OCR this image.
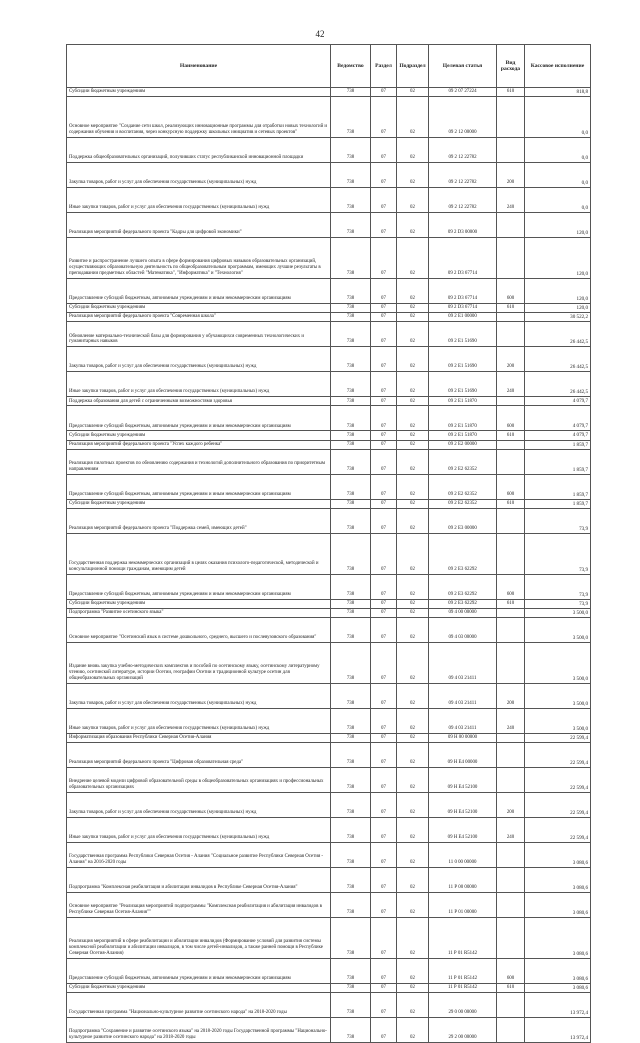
42
Наименование	Ведомство	Раздел	Подраздел	Целевая статья	Вид расхода	Кассовое исполнение
Субсидии бюджетным учреждениям	738	07	02	09 2 07 27224	610	818,8
Основное мероприятие "Создание сети школ, реализующих инновационные программы для отработки новых технологий и содержания обучения и воспитания, через конкурсную поддержку школьных инициатив и сетевых проектов"	738	07	02	09 2 12 00000		0,0
Поддержка общеобразовательных организаций, получивших статус республиканской инновационной площадки	738	07	02	09 2 12 22782		0,0
Закупка товаров, работ и услуг для обеспечения государственных (муниципальных) нужд	738	07	02	09 2 12 22782	200	0,0
Иные закупки товаров, работ и услуг для обеспечения государственных (муниципальных) нужд	738	07	02	09 2 12 22782	240	0,0
Реализация мероприятий федерального проекта "Кадры для цифровой экономики"	738	07	02	09 2 D3 00000		120,0
Развитие и распространение лучшего опыта в сфере формирования цифровых навыков образовательных организаций, осуществляющих образовательную деятельность по общеобразовательным программам, имеющих лучшие результаты в преподавании предметных областей "Математика", "Информатика" и "Технология"	738	07	02	09 2 D3 67714		120,0
Предоставление субсидий бюджетным, автономным учреждениям и иным некоммерческим организациям	738	07	02	09 2 D3 67714	600	120,0
Субсидии бюджетным учреждениям	738	07	02	09 2 D3 67714	610	120,0
Реализация мероприятий федерального проекта "Современная школа"	738	07	02	09 2 E1 00000		30 522,2
Обновление материально-технической базы для формирования у обучающихся современных технологических и гуманитарных навыков	738	07	02	09 2 E1 51690		26 442,5
Закупка товаров, работ и услуг для обеспечения государственных (муниципальных) нужд	738	07	02	09 2 E1 51690	200	26 442,5
Иные закупки товаров, работ и услуг для обеспечения государственных (муниципальных) нужд	738	07	02	09 2 E1 51690	240	26 442,5
Поддержка образования для детей с ограниченными возможностями здоровья	738	07	02	09 2 E1 51870		4 079,7
Предоставление субсидий бюджетным, автономным учреждениям и иным некоммерческим организациям	738	07	02	09 2 E1 51870	600	4 079,7
Субсидии бюджетным учреждениям	738	07	02	09 2 E1 51870	610	4 079,7
Реализация мероприятий федерального проекта "Успех каждого ребенка"	738	07	02	09 2 E2 00000		1 859,7
Реализация пилотных проектов по обновлению содержания и технологий дополнительного образования по приоритетным направлениям	738	07	02	09 2 E2 62352		1 859,7
Предоставление субсидий бюджетным, автономным учреждениям и иным некоммерческим организациям	738	07	02	09 2 E2 62352	600	1 859,7
Субсидии бюджетным учреждениям	738	07	02	09 2 E2 62352	610	1 859,7
Реализация мероприятий федерального проекта "Поддержка семей, имеющих детей"	738	07	02	09 2 E3 00000		73,9
Государственная поддержка некоммерческих организаций в целях оказания психолого-педагогической, методической и консультационной помощи гражданам, имеющим детей	738	07	02	09 2 E3 62292		73,9
Предоставление субсидий бюджетным, автономным учреждениям и иным некоммерческим организациям	738	07	02	09 2 E3 62292	600	73,9
Субсидии бюджетным учреждениям	738	07	02	09 2 E3 62292	610	73,9
Подпрограмма "Развитие осетинского языка"	738	07	02	09 4 00 00000		3 500,0
Основное мероприятие "Осетинский язык в системе дошкольного, среднего, высшего и послевузовского образования"	738	07	02	09 4 03 00000		3 500,0
Издание вновь закупка учебно-методических комплектов и пособий по осетинскому языку, осетинскому литературному чтению, осетинской литературе, истории Осетии, географии Осетии и традиционной культуре осетин для общеобразовательных организаций	738	07	02	09 4 03 21411		3 500,0
Закупка товаров, работ и услуг для обеспечения государственных (муниципальных) нужд	738	07	02	09 4 03 21411	200	3 500,0
Иные закупки товаров, работ и услуг для обеспечения государственных (муниципальных) нужд	738	07	02	09 4 03 21411	240	3 500,0
Информатизация образования Республики Северная Осетия-Алания	738	07	02	09 Н 00 00000		22 599,4
Реализация мероприятий федерального проекта "Цифровая образовательная среда"	738	07	02	09 Н Е4 00000		22 599,4
Внедрение целевой модели цифровой образовательной среды в общеобразовательных организациях и профессиональных образовательных организациях	738	07	02	09 Н Е4 52100		22 599,4
Закупка товаров, работ и услуг для обеспечения государственных (муниципальных) нужд	738	07	02	09 Н Е4 52100	200	22 599,4
Иные закупки товаров, работ и услуг для обеспечения государственных (муниципальных) нужд	738	07	02	09 Н Е4 52100	240	22 599,4
Государственная программа Республики Северная Осетия - Алания "Социальное развитие Республики Северная Осетия - Алания" на 2016-2020 годы	738	07	02	11 0 00 00000		3 080,6
Подпрограмма "Комплексная реабилитация и абилитация инвалидов в Республике Северная Осетия-Алания"	738	07	02	11 Р 00 00000		3 080,6
Основное мероприятие "Реализация мероприятий подпрограммы "Комплексная реабилитация и абилитация инвалидов в Республике Северная Осетия-Алания""	738	07	02	11 Р 01 00000		3 080,6
Реализация мероприятий в сфере реабилитации и абилитации инвалидов (Формирование условий для развития системы комплексной реабилитации и абилитации инвалидов, в том числе детей-инвалидов, а также ранней помощи в Республике Северная Осетия-Алания)	738	07	02	11 Р 01 R5142		3 080,6
Предоставление субсидий бюджетным, автономным учреждениям и иным некоммерческим организациям	738	07	02	11 Р 01 R5142	600	3 080,6
Субсидии бюджетным учреждениям	738	07	02	11 Р 01 R5142	610	3 080,6
Государственная программа "Национально-культурное развитие осетинского народа" на 2018-2020 годы	738	07	02	29 0 00 00000		13 972,4
Подпрограмма "Сохранение и развитие осетинского языка" на 2018-2020 годы Государственной программы "Национально-культурное развитие осетинского народа" на 2018-2020 годы	738	07	02	29 2 00 00000		13 972,4
